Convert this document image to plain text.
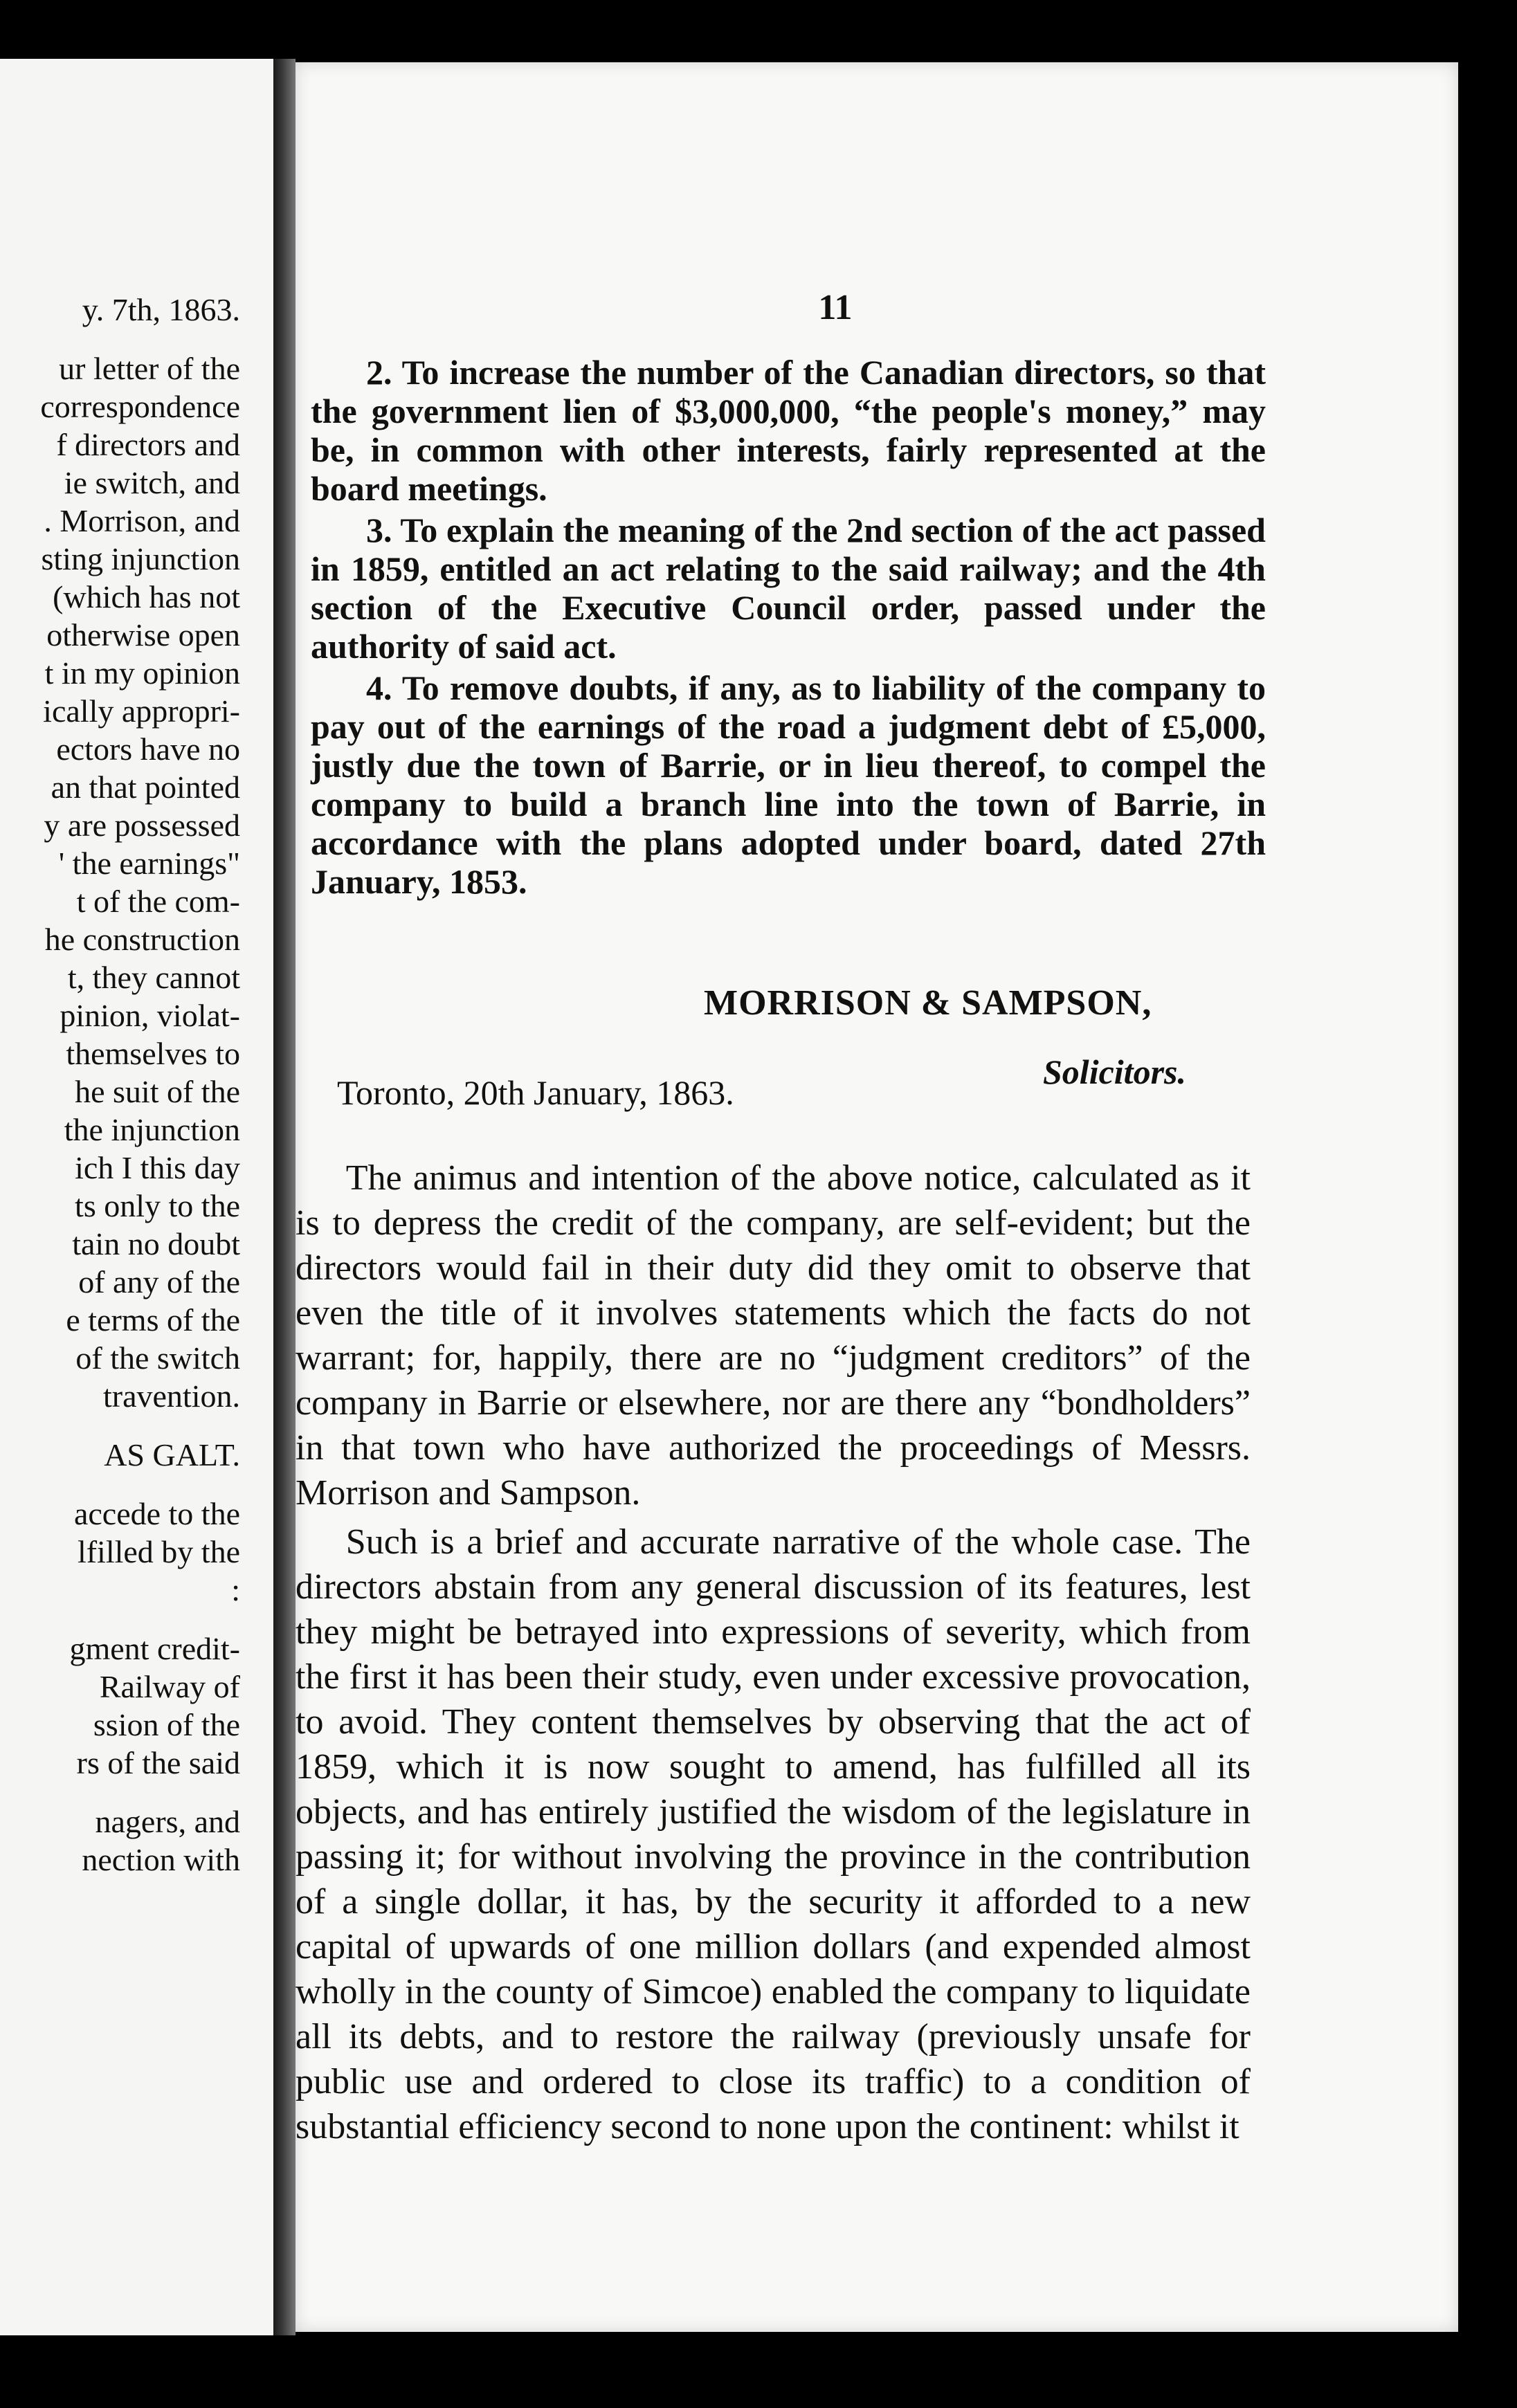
y. 7th, 1863.
ur letter of the
correspondence
f directors and
ie switch, and
. Morrison, and
sting injunction
(which has not
otherwise open
t in my opinion
ically appropri-
ectors have no
an that pointed
y are possessed
' the earnings"
t of the com-
he construction
t, they cannot
pinion, violat-
themselves to
he suit of the
the injunction
ich I this day
ts only to the
tain no doubt
of any of the
e terms of the
of the switch
travention.
AS GALT.
accede to the
lfilled by the
:
gment credit-
Railway of
ssion of the
rs of the said
nagers, and
nection with
11

2. To increase the number of the Canadian directors, so that the government lien of $3,000,000, “the people's money,” may be, in common with other interests, fairly represented at the board meetings.

3. To explain the meaning of the 2nd section of the act passed in 1859, entitled an act relating to the said railway; and the 4th section of the Executive Council order, passed under the authority of said act.

4. To remove doubts, if any, as to liability of the company to pay out of the earnings of the road a judgment debt of £5,000, justly due the town of Barrie, or in lieu thereof, to compel the company to build a branch line into the town of Barrie, in accordance with the plans adopted under board, dated 27th January, 1853.

MORRISON & SAMPSON,
Solicitors.
Toronto, 20th January, 1863.

The animus and intention of the above notice, calculated as it is to depress the credit of the company, are self-evident; but the directors would fail in their duty did they omit to observe that even the title of it involves statements which the facts do not warrant; for, happily, there are no “judgment creditors” of the company in Barrie or elsewhere, nor are there any “bondholders” in that town who have authorized the proceedings of Messrs. Morrison and Sampson.

Such is a brief and accurate narrative of the whole case. The directors abstain from any general discussion of its features, lest they might be betrayed into expressions of severity, which from the first it has been their study, even under excessive provocation, to avoid. They content themselves by observing that the act of 1859, which it is now sought to amend, has fulfilled all its objects, and has entirely justified the wisdom of the legislature in passing it; for without involving the province in the contribution of a single dollar, it has, by the security it afforded to a new capital of upwards of one million dollars (and expended almost wholly in the county of Simcoe) enabled the company to liquidate all its debts, and to restore the railway (previously unsafe for public use and ordered to close its traffic) to a condition of substantial efficiency second to none upon the continent: whilst it
